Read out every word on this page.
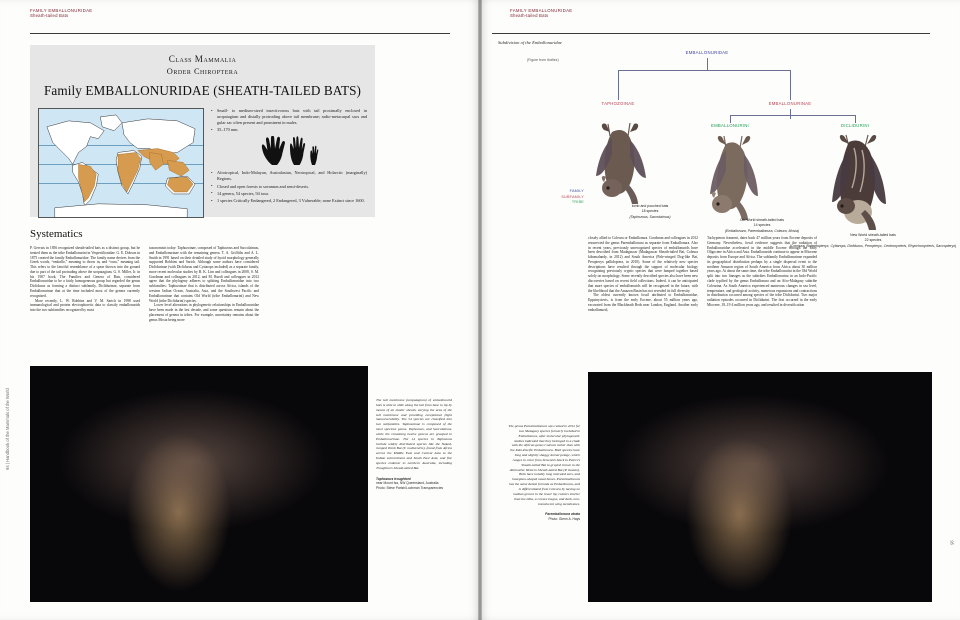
FAMILY EMBALLONURIDAE
Sheath-tailed Bats
Class Mammalia
Order Chiroptera
Family EMBALLONURIDAE (SHEATH-TAILED BATS)
• Small- to medium-sized insectivorous bats with tail proximally enclosed in uropatagium and distally protruding above tail membrane; radio-metacarpal sacs and gular sac often present and prominent in males.
• 35–170 mm.
• Afrotropical, Indo-Malayan, Australasian, Neotropical, and Holarctic (marginally) Regions.
• Closed and open forests to savannas and semi-deserts.
• 14 genera, 54 species, 94 taxa.
• 1 species Critically Endangered, 2 Endangered, 3 Vulnerable; none Extinct since 1600.
Systematics

P. Gervais in 1856 recognized sheath-tailed bats as a distinct group, but he treated them as the tribe Emballonurini in Vespertilionidae. G. E. Dobson in 1875 created the family Emballonuridae. The family name derives from the Greek words, “emballo,” meaning to throw in, and “oura,” meaning tail. This refers to the fanciful resemblance of a spear thrown into the ground due to part of the tail protruding above the uropatagium. G. S. Miller, Jr. in his 1907 book, The Families and Genera of Bats, considered Emballonuridae to be a fairly homogeneous group but regarded the genus Diclidurus as forming a distinct subfamily, Diclidurinae, separate from Emballonurinae that at the time included most of the genera currently recognized.

More recently, L. W. Robbins and V. M. Sarich in 1998 used immunological and protein electrophoretic data to classify emballonurids into the two subfamilies recognized by most

taxonomists today: Taphozoinae, composed of Taphozous and Saccolaimus, and Emballonurinae with the remaining genera. T. A. Griffiths and A. L. Smith in 1991 based on their detailed study of hyoid morphology generally supported Robbins and Sarich. Although some authors have considered Diclidurinae (with Diclidurus and Cyttarops included) as a separate family, more recent molecular studies by B. K. Lim and colleagues in 2008, S. M. Goodman and colleagues in 2012, and M. Ruedi and colleagues in 2012 agree that the phylogeny adheres to splitting Emballonuridae into two subfamilies: Taphozoinae that is distributed across Africa, islands of the western Indian Ocean, Australia, Asia, and the Southwest Pacific and Emballonurinae that contains Old World (tribe Emballonurini) and New World (tribe Diclidurini) species.

Lower level alterations in phylogenetic relationships in Emballonuridae have been made in the last decade, and some questions remain about the placement of genera in tribes. For example, uncertainty remains about the genus Mosia being more

The tail membrane (uropatagium) of emballonurid bats is able to slide along the tail from base to tip by means of an elastic sheath, varying the area of the tail membrane and providing exceptional flight maneuverability. The 54 species are classified into two subfamilies. Taphozoinae is composed of the most speciose genus, Taphozous, and Saccolaimus, while the remaining twelve genera are grouped in Emballonurinae. The 14 species in Taphozous include widely distributed species like the Naked-rumped Tomb Bat (T. nudiventris), found from Africa across the Middle East and Central Asia to the Indian subcontinent and South East Asia, and five species endemic to northern Australia, including Troughton's Sheath-tailed Bat.
Taphozous troughtoni
near Mount Isa, NW Queensland, Australia
Photo: Steve Parish/Lochman Transparencies
94 | Handbook of the Mammals of the World
FAMILY EMBALLONURIDAE
Sheath-tailed Bats
Subdivision of the Emballonuridae
(Figure from Ibáñez)
EMBALLONURIDAE
TAPHOZOINAE	EMBALLONURINAE
EMBALLONURINI	DICLIDURINI
tomb and pouched bats
18 species
(Taphozous, Saccolaimus)
Old World sheath-tailed bats
14 species
(Emballonura, Paremballonura, Coleura, Mosia)
New World sheath-tailed bats
22 species
(Cormura, Balantiopteryx, Cyttarops, Diclidurus, Peropteryx, Centronycteris, Rhynchonycteris, Saccopteryx)
FAMILY
SUBFAMILY
TRIBE

closely allied to Coleura or Emballonura. Goodman and colleagues in 2012 resurrected the genus Paremballonura as separate from Emballonura. Also in recent years, previously unrecognized species of emballonurids have been described from Madagascar (Madagascar Sheath-tailed Bat, Coleura kibomalandy, in 2012) and South America (Pale-winged Dog-like Bat, Peropteryx pallidoptera, in 2010). Some of the relatively new species descriptions have resulted through the support of molecular biology recognizing previously cryptic species that were lumped together based solely on morphology. Some recently described species also have been new discoveries based on recent field collections. Indeed, it can be anticipated that more species of emballonurids will be recognized in the future, with the likelihood that the Amazon Basin has not revealed its full diversity.

The oldest currently known fossil attributed to Emballonuridae, Eppsinycteris, is from the early Eocene, about 55 million years ago, excavated from the Blackheath Beds near London, England. Another early emballonurid,

Tachypteron franzeni, dates back 47 million years from Eocene deposits of Germany. Nevertheless, fossil evidence suggests that the radiation of Emballonuridae accelerated in the middle Eocene through the early Oligocene in Africa and Asia. Emballonurids continue to appear in Miocene deposits from Europe and Africa. The subfamily Emballonurinae expanded its geographical distribution perhaps by a single dispersal event to the northern Amazon region of South America from Africa about 30 million years ago. At about the same time, the tribe Emballonurini in the Old World split into two lineages as the subtribes Emballonurina in an Indo-Pacific clade typified by the genus Emballonura and an Afro-Malagasy subtribe Coleurina. As South America experienced numerous changes in sea level, temperature, and geological activity, numerous expansions and contractions in distribution occurred among species of the tribe Diclidurini. Two major radiation episodes occurred in Diclidurini. The first occurred in the early Miocene, 18–19·4 million years ago, and resulted in diversification

The genus Paremballonura was raised in 2012 for two Malagasy species formerly included in Emballonura, after molecular phylogenetic studies indicated that they belonged in a clade with the African genus Coleura rather than with the Indo-Pacific Emballonura. Both species have long and slightly shaggy dorsal pelage, which ranges in color from brownish black in Peters's Sheath-tailed Bat to grayish brown in the diminutive Western Sheath-tailed Bat (P. tiavato). Both have notably long rostrated ears, and hourglass-shaped nasal bones. Paremballonura has the same dental formula as Emballonura, and is differentiated from Coleura by having no median groove in the lower lip, calcars shorter than the tibia, a convex tragus, and dark, non-translucent wing membranes.
Paremballonura atrata
Photo: Glenn A. Hays
95
